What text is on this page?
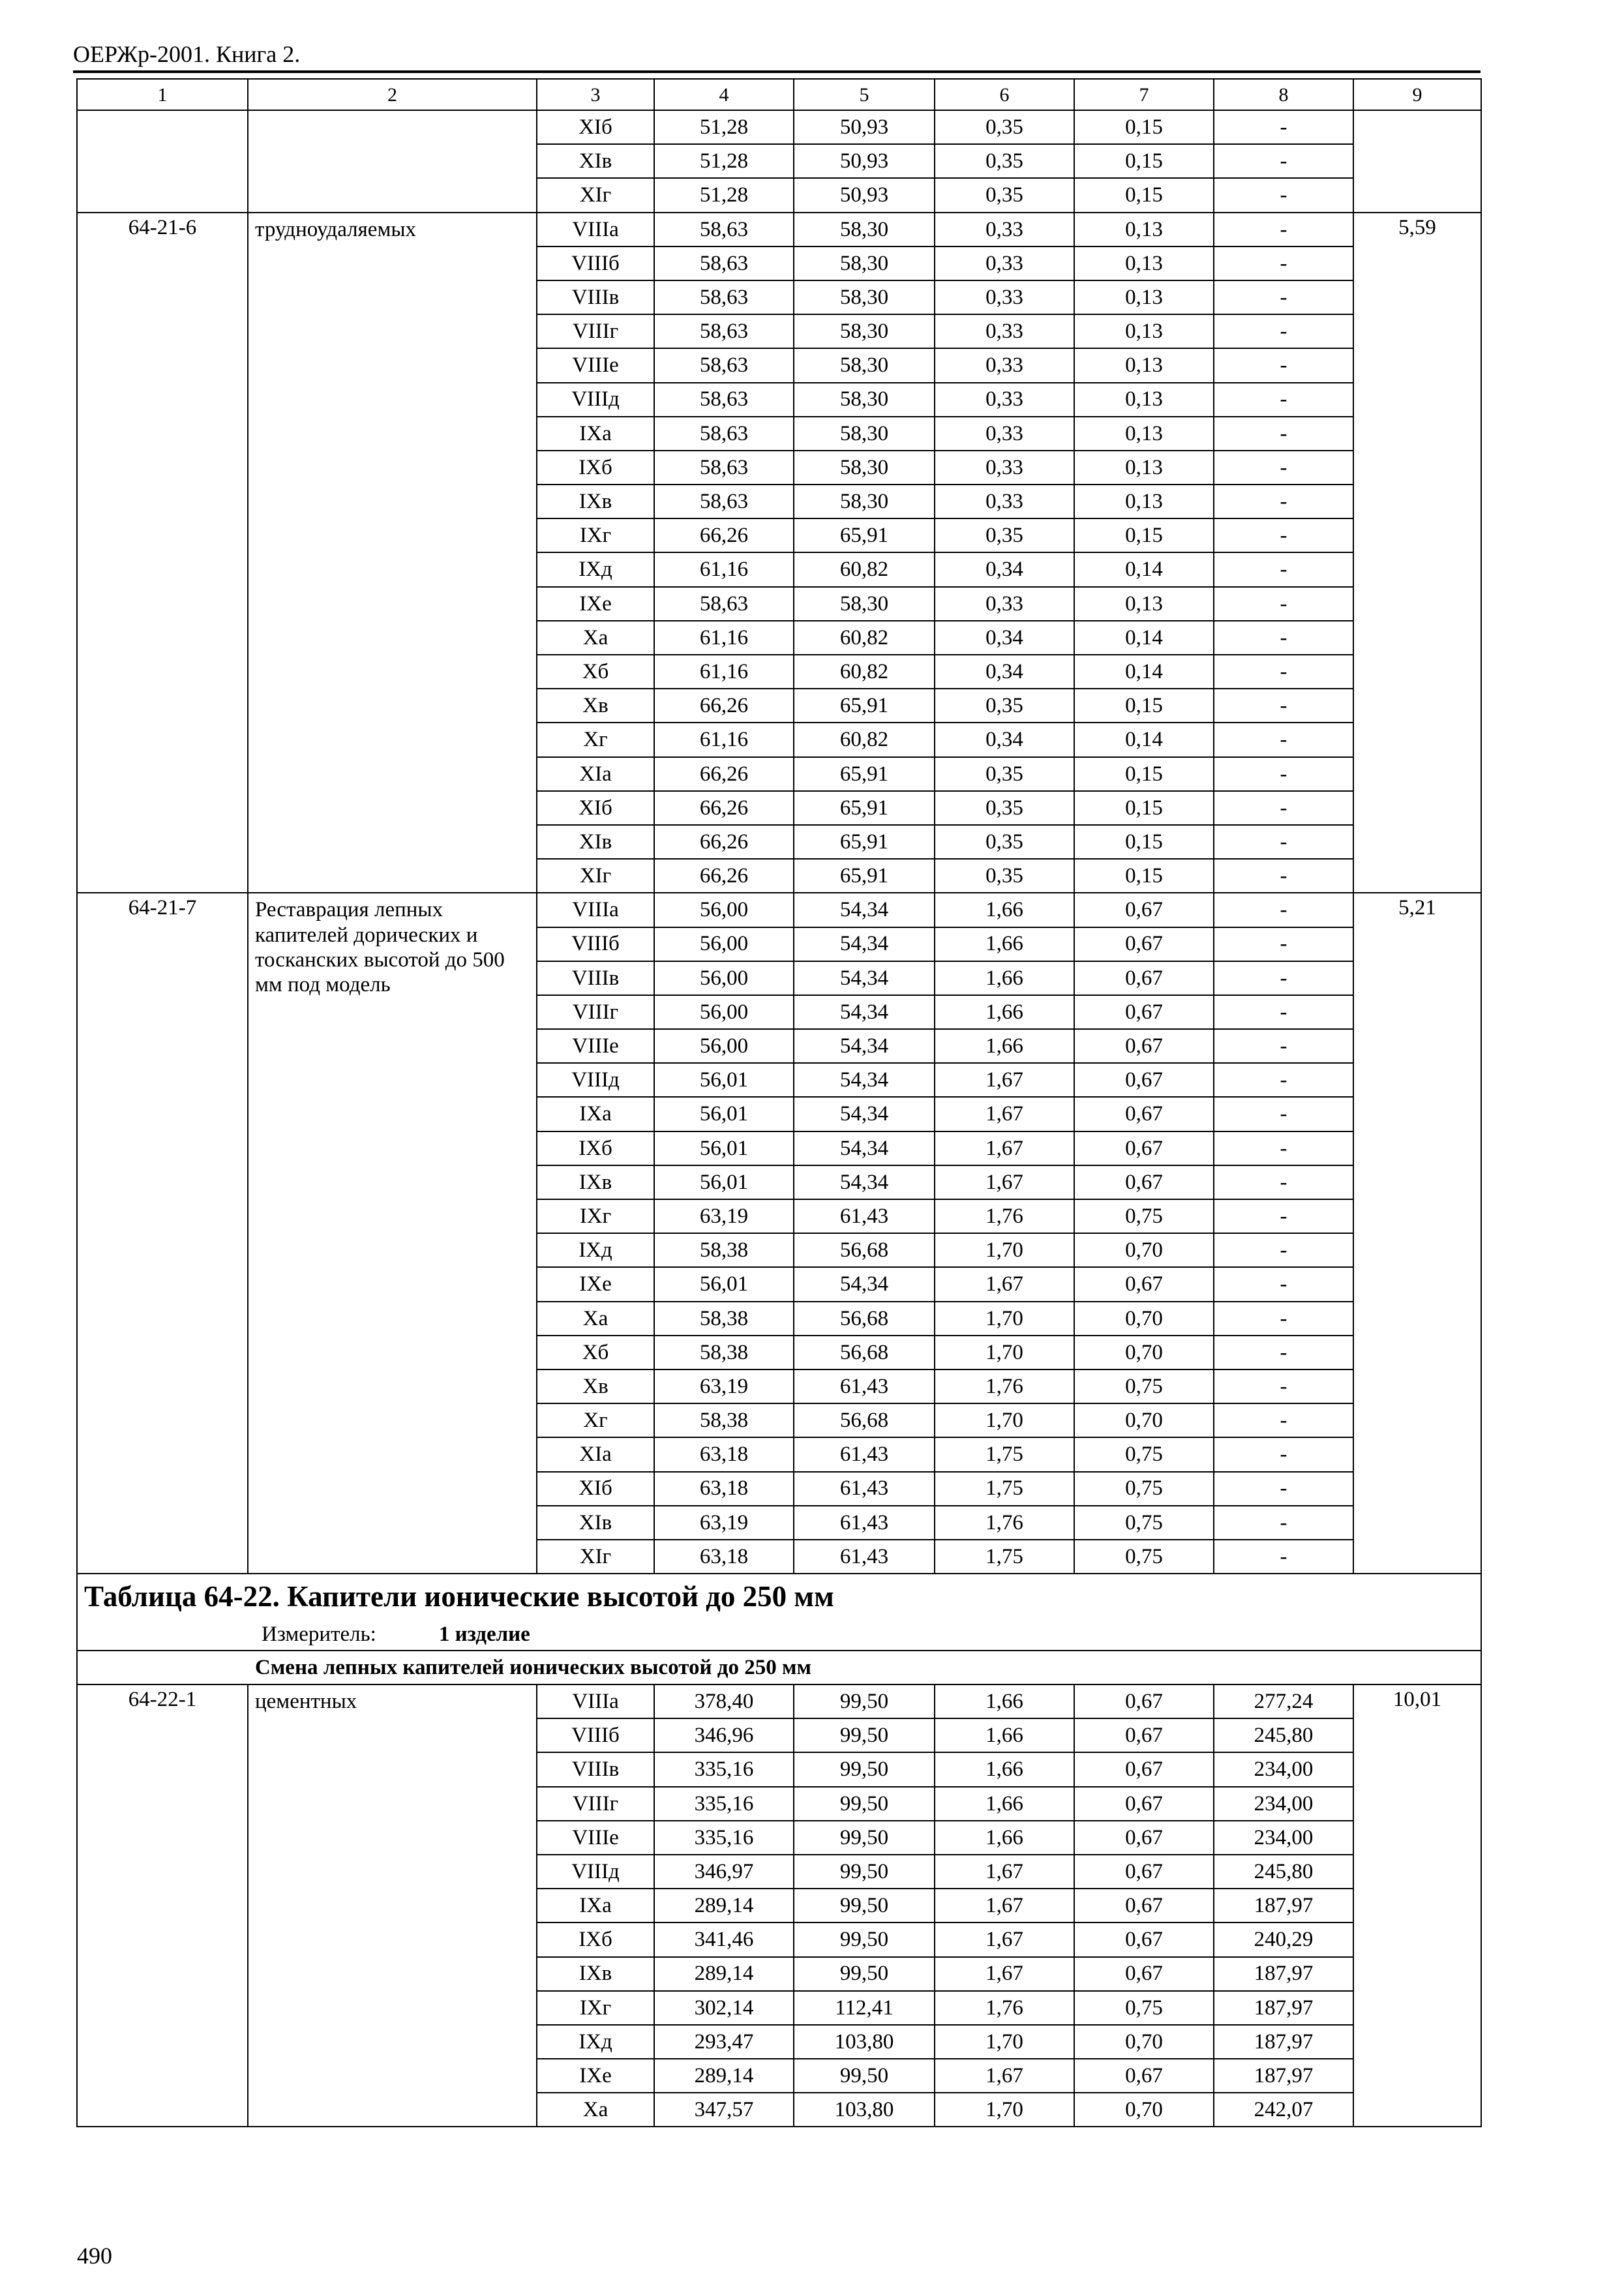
ОЕРЖр-2001. Книга 2.
1	2	3	4	5	6	7	8	9
		XIб	51,28	50,93	0,35	0,15	-	
		XIв	51,28	50,93	0,35	0,15	-	
		XIг	51,28	50,93	0,35	0,15	-	
64-21-6	трудноудаляемых	VIIIа	58,63	58,30	0,33	0,13	-	5,59
		VIIIб	58,63	58,30	0,33	0,13	-	
		VIIIв	58,63	58,30	0,33	0,13	-	
		VIIIг	58,63	58,30	0,33	0,13	-	
		VIIIе	58,63	58,30	0,33	0,13	-	
		VIIIд	58,63	58,30	0,33	0,13	-	
		IXа	58,63	58,30	0,33	0,13	-	
		IXб	58,63	58,30	0,33	0,13	-	
		IXв	58,63	58,30	0,33	0,13	-	
		IXг	66,26	65,91	0,35	0,15	-	
		IXд	61,16	60,82	0,34	0,14	-	
		IXе	58,63	58,30	0,33	0,13	-	
		Xа	61,16	60,82	0,34	0,14	-	
		Xб	61,16	60,82	0,34	0,14	-	
		Xв	66,26	65,91	0,35	0,15	-	
		Xг	61,16	60,82	0,34	0,14	-	
		XIа	66,26	65,91	0,35	0,15	-	
		XIб	66,26	65,91	0,35	0,15	-	
		XIв	66,26	65,91	0,35	0,15	-	
		XIг	66,26	65,91	0,35	0,15	-	
64-21-7	Реставрация лепных капителей дорических и тосканских высотой до 500 мм под модель	VIIIа	56,00	54,34	1,66	0,67	-	5,21
		VIIIб	56,00	54,34	1,66	0,67	-	
		VIIIв	56,00	54,34	1,66	0,67	-	
		VIIIг	56,00	54,34	1,66	0,67	-	
		VIIIе	56,00	54,34	1,66	0,67	-	
		VIIIд	56,01	54,34	1,67	0,67	-	
		IXа	56,01	54,34	1,67	0,67	-	
		IXб	56,01	54,34	1,67	0,67	-	
		IXв	56,01	54,34	1,67	0,67	-	
		IXг	63,19	61,43	1,76	0,75	-	
		IXд	58,38	56,68	1,70	0,70	-	
		IXе	56,01	54,34	1,67	0,67	-	
		Xа	58,38	56,68	1,70	0,70	-	
		Xб	58,38	56,68	1,70	0,70	-	
		Xв	63,19	61,43	1,76	0,75	-	
		Xг	58,38	56,68	1,70	0,70	-	
		XIа	63,18	61,43	1,75	0,75	-	
		XIб	63,18	61,43	1,75	0,75	-	
		XIв	63,19	61,43	1,76	0,75	-	
		XIг	63,18	61,43	1,75	0,75	-	

Таблица 64-22. Капители ионические высотой до 250 мм
Измеритель: 1 изделие								

Смена лепных капителей ионических высотой до 250 мм								
64-22-1	цементных	VIIIа	378,40	99,50	1,66	0,67	277,24	10,01
		VIIIб	346,96	99,50	1,66	0,67	245,80	
		VIIIв	335,16	99,50	1,66	0,67	234,00	
		VIIIг	335,16	99,50	1,66	0,67	234,00	
		VIIIе	335,16	99,50	1,66	0,67	234,00	
		VIIIд	346,97	99,50	1,67	0,67	245,80	
		IXа	289,14	99,50	1,67	0,67	187,97	
		IXб	341,46	99,50	1,67	0,67	240,29	
		IXв	289,14	99,50	1,67	0,67	187,97	
		IXг	302,14	112,41	1,76	0,75	187,97	
		IXд	293,47	103,80	1,70	0,70	187,97	
		IXе	289,14	99,50	1,67	0,67	187,97	
		Xа	347,57	103,80	1,70	0,70	242,07	
490
